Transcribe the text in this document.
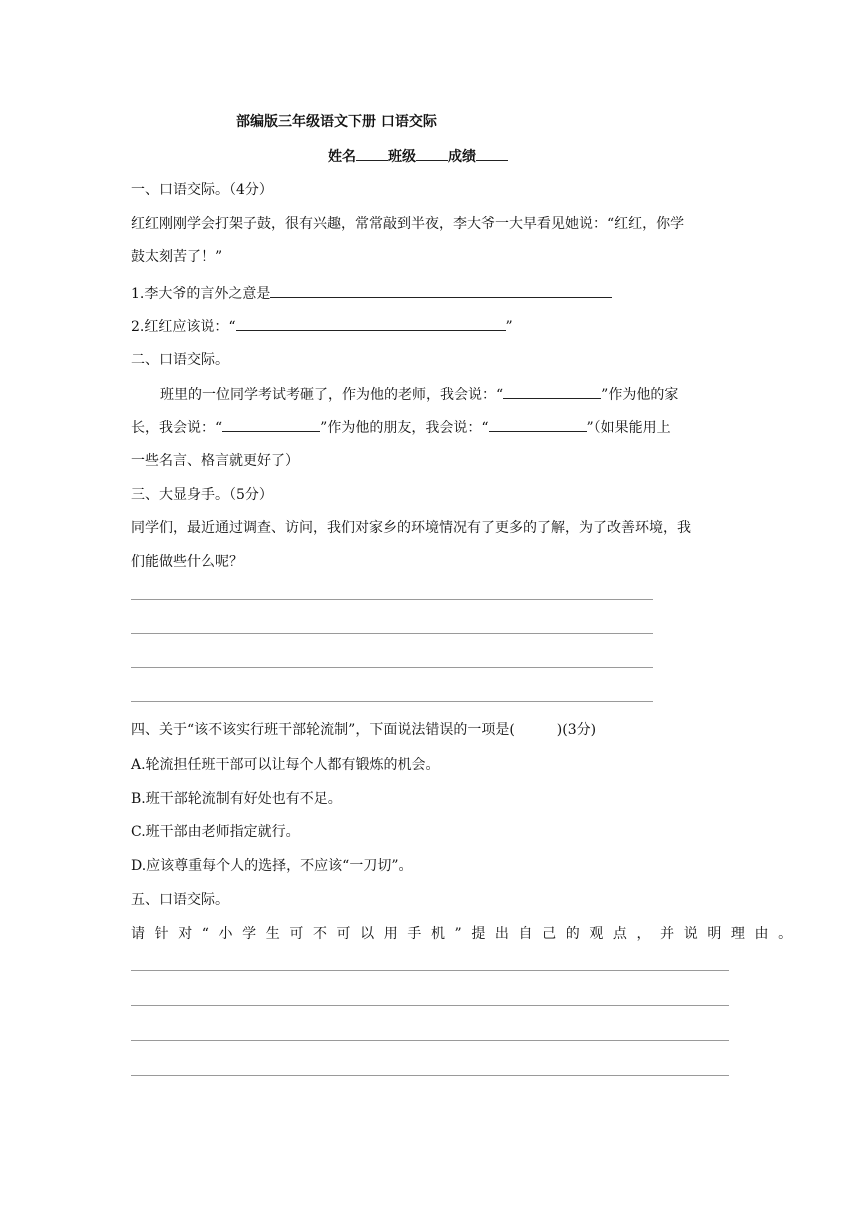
部编版三年级语文下册 口语交际
姓名 班级 成绩
一、口语交际。（4分）
红红刚刚学会打架子鼓，很有兴趣，常常敲到半夜，李大爷一大早看见她说：“红红，你学
鼓太刻苦了！”
1.李大爷的言外之意是
2.红红应该说：“	”
二、口语交际。
班里的一位同学考试考砸了，作为他的老师，我会说：“	”作为他的家
长，我会说：“	”作为他的朋友，我会说：“	”（如果能用上
一些名言、格言就更好了）
三、大显身手。（5分）
同学们，最近通过调查、访问，我们对家乡的环境情况有了更多的了解，为了改善环境，我
们能做些什么呢？
四、关于“该不该实行班干部轮流制”，下面说法错误的一项是(　　　)(3分)
A.轮流担任班干部可以让每个人都有锻炼的机会。
B.班干部轮流制有好处也有不足。
C.班干部由老师指定就行。
D.应该尊重每个人的选择，不应该“一刀切”。
五、口语交际。
请针对“小学生可不可以用手机”提出自己的观点，并说明理由。
